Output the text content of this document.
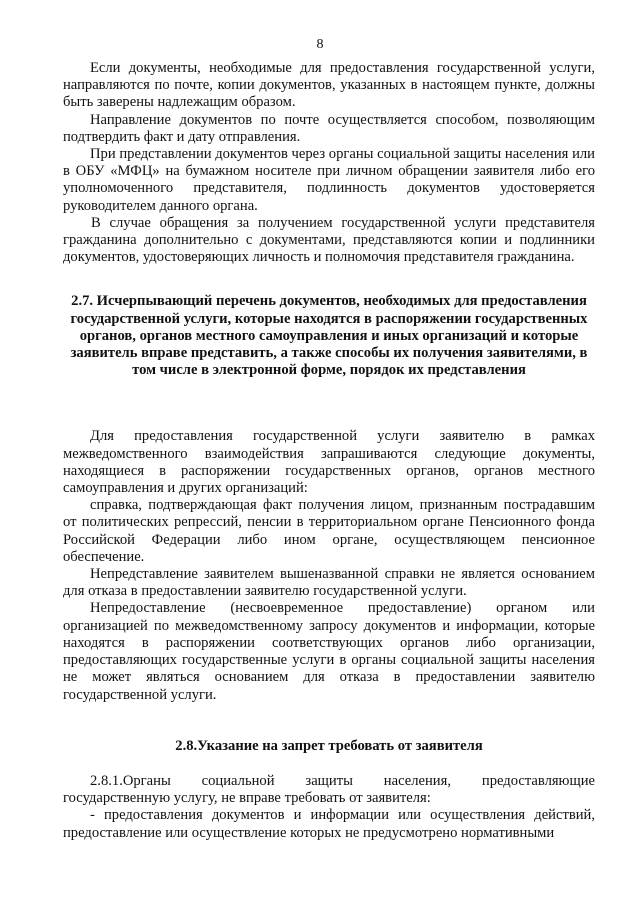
8

Если документы, необходимые для предоставления государственной услуги, направляются по почте, копии документов, указанных в настоящем пункте, должны быть заверены надлежащим образом.

Направление документов по почте осуществляется способом, позволяющим подтвердить факт и дату отправления.

При представлении документов через органы социальной защиты населения или в ОБУ «МФЦ» на бумажном носителе при личном обращении заявителя либо его уполномоченного представителя, подлинность документов удостоверяется руководителем данного органа.

В случае обращения за получением государственной услуги представителя гражданина дополнительно с документами, представляются копии и подлинники документов, удостоверяющих личность и полномочия представителя гражданина.

2.7. Исчерпывающий перечень документов, необходимых для предоставления государственной услуги, которые находятся в распоряжении государственных органов, органов местного самоуправления и иных организаций и которые заявитель вправе представить, а также способы их получения заявителями, в том числе в электронной форме, порядок их представления

Для предоставления государственной услуги заявителю в рамках межведомственного взаимодействия запрашиваются следующие документы, находящиеся в распоряжении государственных органов, органов местного самоуправления и других организаций:

справка, подтверждающая факт получения лицом, признанным пострадавшим от политических репрессий, пенсии в территориальном органе Пенсионного фонда Российской Федерации либо ином органе, осуществляющем пенсионное обеспечение.

Непредставление заявителем вышеназванной справки не является основанием для отказа в предоставлении заявителю государственной услуги.

Непредоставление (несвоевременное предоставление) органом или организацией по межведомственному запросу документов и информации, которые находятся в распоряжении соответствующих органов либо организации, предоставляющих государственные услуги в органы социальной защиты населения не может являться основанием для отказа в предоставлении заявителю государственной услуги.

2.8.Указание на запрет требовать от заявителя

2.8.1.Органы социальной защиты населения, предоставляющие государственную услугу, не вправе требовать от заявителя:

- предоставления документов и информации или осуществления действий, предоставление или осуществление которых не предусмотрено нормативными
